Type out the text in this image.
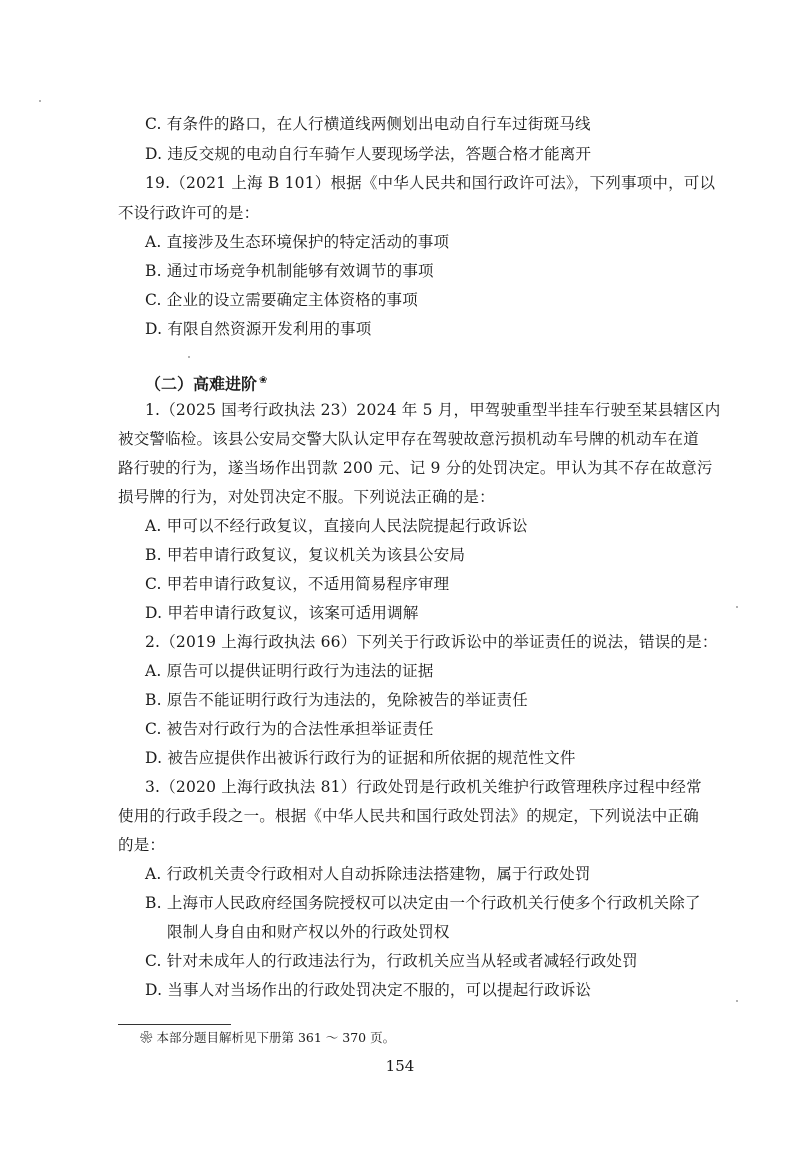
C. 有条件的路口，在人行横道线两侧划出电动自行车过街斑马线
D. 违反交规的电动自行车骑乍人要现场学法，答题合格才能离开
19.（2021 上海 B 101）根据《中华人民共和国行政许可法》，下列事项中，可以
不设行政许可的是：
A. 直接涉及生态环境保护的特定活动的事项
B. 通过市场竞争机制能够有效调节的事项
C. 企业的设立需要确定主体资格的事项
D. 有限自然资源开发利用的事项
（二）高难进阶 ❀
1.（2025 国考行政执法 23）2024 年 5 月，甲驾驶重型半挂车行驶至某县辖区内
被交警临检。该县公安局交警大队认定甲存在驾驶故意污损机动车号牌的机动车在道
路行驶的行为，遂当场作出罚款 200 元、记 9 分的处罚决定。甲认为其不存在故意污
损号牌的行为，对处罚决定不服。下列说法正确的是：
A. 甲可以不经行政复议，直接向人民法院提起行政诉讼
B. 甲若申请行政复议，复议机关为该县公安局
C. 甲若申请行政复议，不适用简易程序审理
D. 甲若申请行政复议，该案可适用调解
2.（2019 上海行政执法 66）下列关于行政诉讼中的举证责任的说法，错误的是：
A. 原告可以提供证明行政行为违法的证据
B. 原告不能证明行政行为违法的，免除被告的举证责任
C. 被告对行政行为的合法性承担举证责任
D. 被告应提供作出被诉行政行为的证据和所依据的规范性文件
3.（2020 上海行政执法 81）行政处罚是行政机关维护行政管理秩序过程中经常
使用的行政手段之一。根据《中华人民共和国行政处罚法》的规定，下列说法中正确
的是：
A. 行政机关责令行政相对人自动拆除违法搭建物，属于行政处罚
B. 上海市人民政府经国务院授权可以决定由一个行政机关行使多个行政机关除了
限制人身自由和财产权以外的行政处罚权
C. 针对未成年人的行政违法行为，行政机关应当从轻或者减轻行政处罚
D. 当事人对当场作出的行政处罚决定不服的，可以提起行政诉讼
❀ 本部分题目解析见下册第 361 ～ 370 页。
154
